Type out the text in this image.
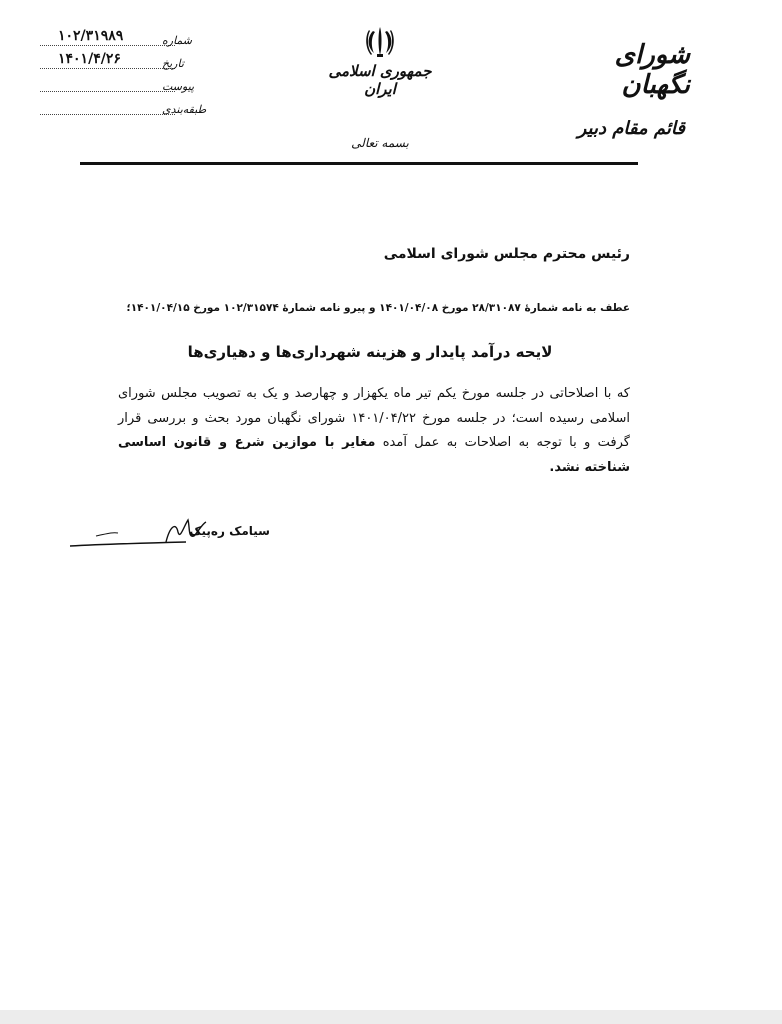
۱۰۲/۳۱۹۸۹	شماره
۱۴۰۱/۴/۲۶	تاریخ
پیوست
طبقه‌بندی
جمهوری اسلامی ایران
بسمه تعالی
شورای نگهبان
قائم مقام دبیر
رئیس محترم مجلس شورای اسلامی
عطف به نامه شمارهٔ ۲۸/۳۱۰۸۷ مورخ ۱۴۰۱/۰۴/۰۸ و پیرو نامه شمارهٔ ۱۰۲/۳۱۵۷۴ مورخ ۱۴۰۱/۰۴/۱۵؛
لایحه درآمد پایدار و هزینه شهرداری‌ها و دهیاری‌ها
که با اصلاحاتی در جلسه مورخ یکم تیر ماه یکهزار و چهارصد و یک به تصویب مجلس شورای اسلامی رسیده است؛ در جلسه مورخ ۱۴۰۱/۰۴/۲۲ شورای نگهبان مورد بحث و بررسی قرار گرفت و با توجه به اصلاحات به عمل آمده مغایر با موازین شرع و قانون اساسی شناخته نشد.
سیامک ره‌پیک
